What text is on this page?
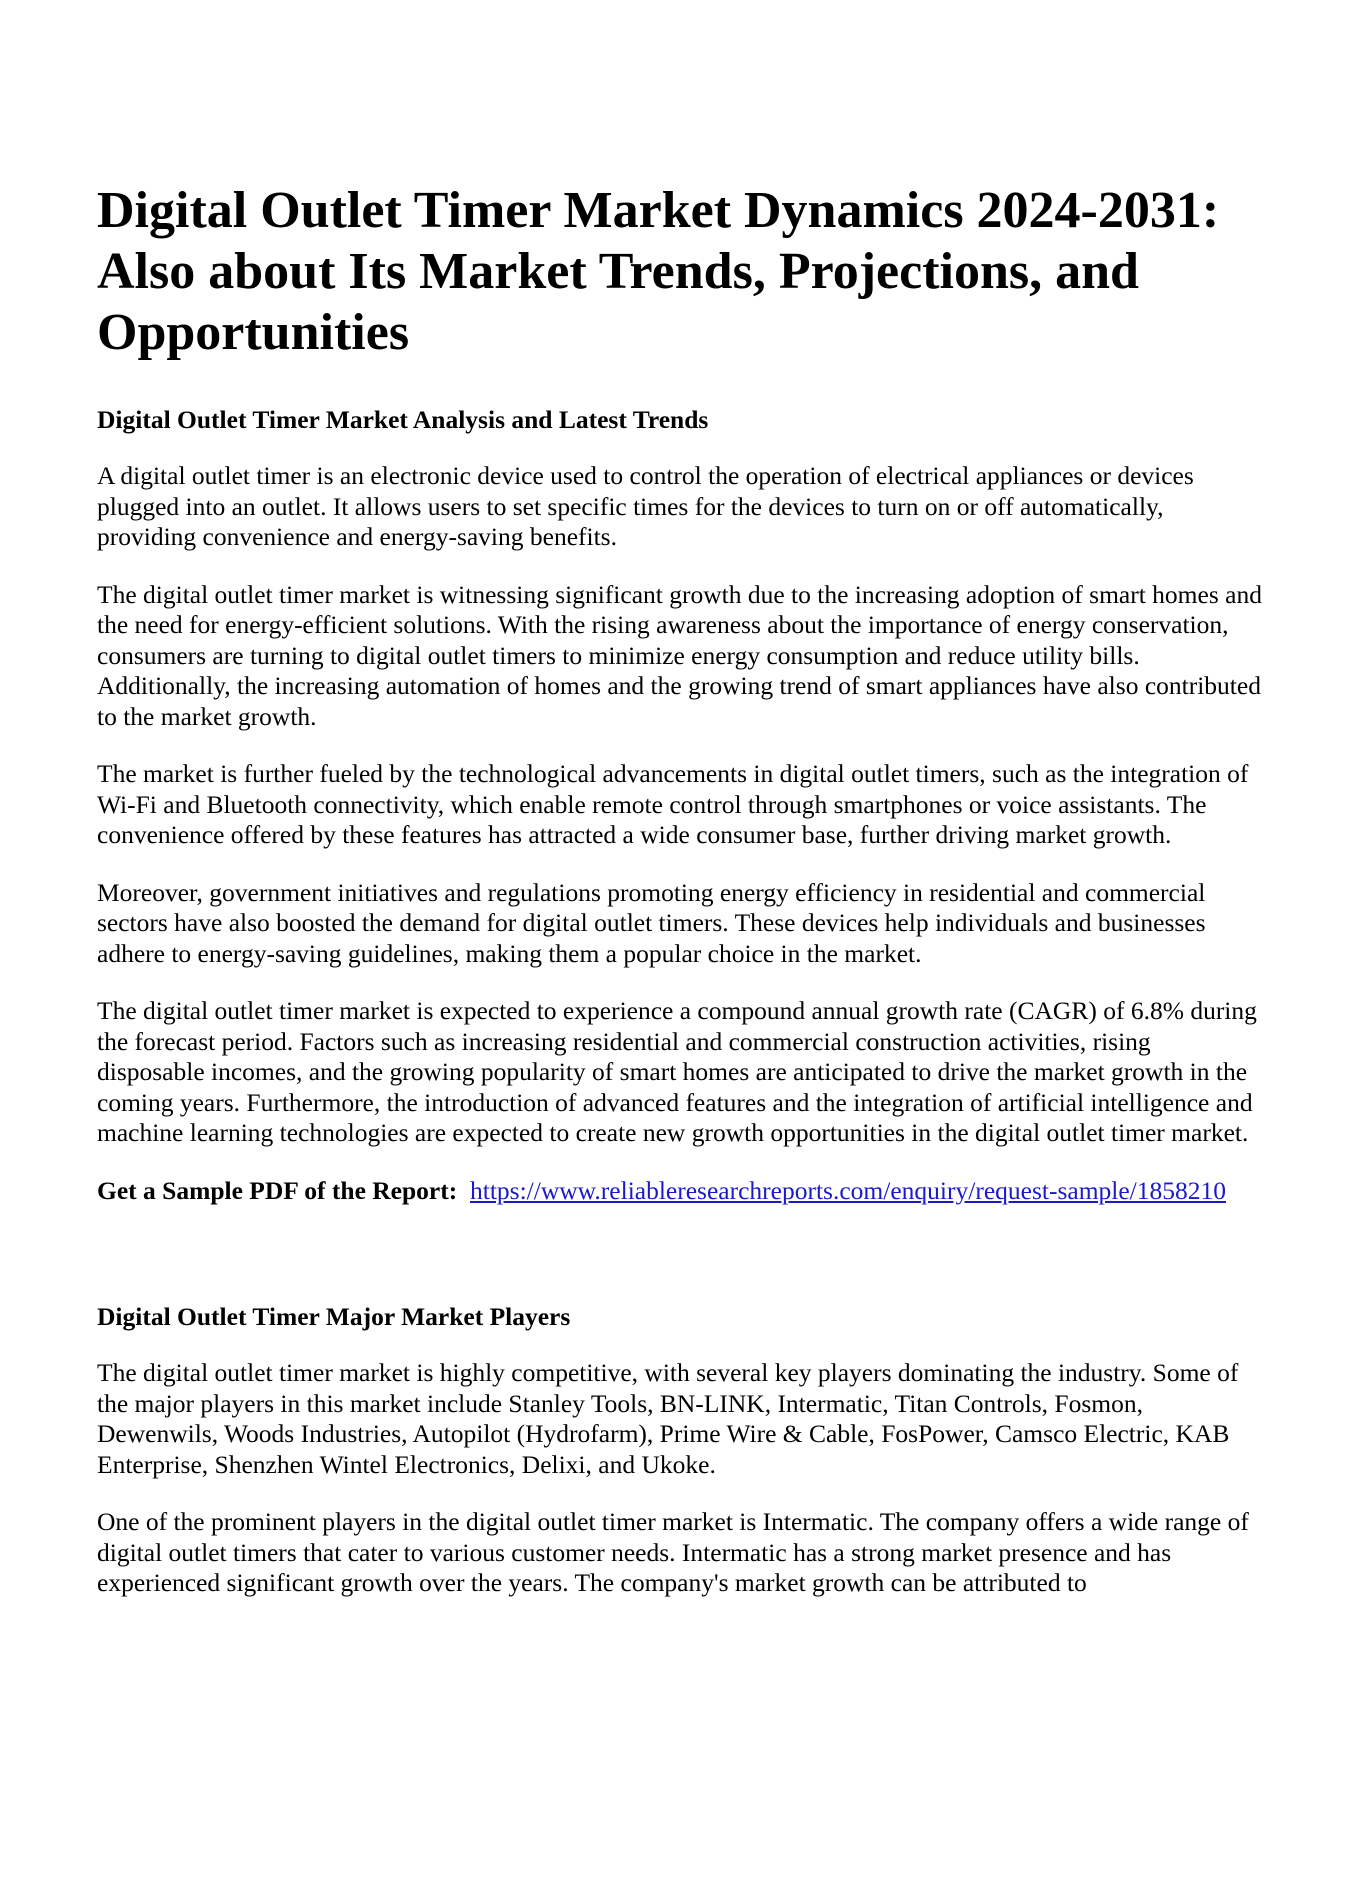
Digital Outlet Timer Market Dynamics 2024-2031: Also about Its Market Trends, Projections, and Opportunities
Digital Outlet Timer Market Analysis and Latest Trends

A digital outlet timer is an electronic device used to control the operation of electrical appliances or devices plugged into an outlet. It allows users to set specific times for the devices to turn on or off automatically, providing convenience and energy-saving benefits.

The digital outlet timer market is witnessing significant growth due to the increasing adoption of smart homes and the need for energy-efficient solutions. With the rising awareness about the importance of energy conservation, consumers are turning to digital outlet timers to minimize energy consumption and reduce utility bills. Additionally, the increasing automation of homes and the growing trend of smart appliances have also contributed to the market growth.

The market is further fueled by the technological advancements in digital outlet timers, such as the integration of Wi-Fi and Bluetooth connectivity, which enable remote control through smartphones or voice assistants. The convenience offered by these features has attracted a wide consumer base, further driving market growth.

Moreover, government initiatives and regulations promoting energy efficiency in residential and commercial sectors have also boosted the demand for digital outlet timers. These devices help individuals and businesses adhere to energy-saving guidelines, making them a popular choice in the market.

The digital outlet timer market is expected to experience a compound annual growth rate (CAGR) of 6.8% during the forecast period. Factors such as increasing residential and commercial construction activities, rising disposable incomes, and the growing popularity of smart homes are anticipated to drive the market growth in the coming years. Furthermore, the introduction of advanced features and the integration of artificial intelligence and machine learning technologies are expected to create new growth opportunities in the digital outlet timer market.

Get a Sample PDF of the Report: https://www.reliableresearchreports.com/enquiry/request-sample/1858210

Digital Outlet Timer Major Market Players

The digital outlet timer market is highly competitive, with several key players dominating the industry. Some of the major players in this market include Stanley Tools, BN-LINK, Intermatic, Titan Controls, Fosmon, Dewenwils, Woods Industries, Autopilot (Hydrofarm), Prime Wire & Cable, FosPower, Camsco Electric, KAB Enterprise, Shenzhen Wintel Electronics, Delixi, and Ukoke.

One of the prominent players in the digital outlet timer market is Intermatic. The company offers a wide range of digital outlet timers that cater to various customer needs. Intermatic has a strong market presence and has experienced significant growth over the years. The company's market growth can be attributed to
